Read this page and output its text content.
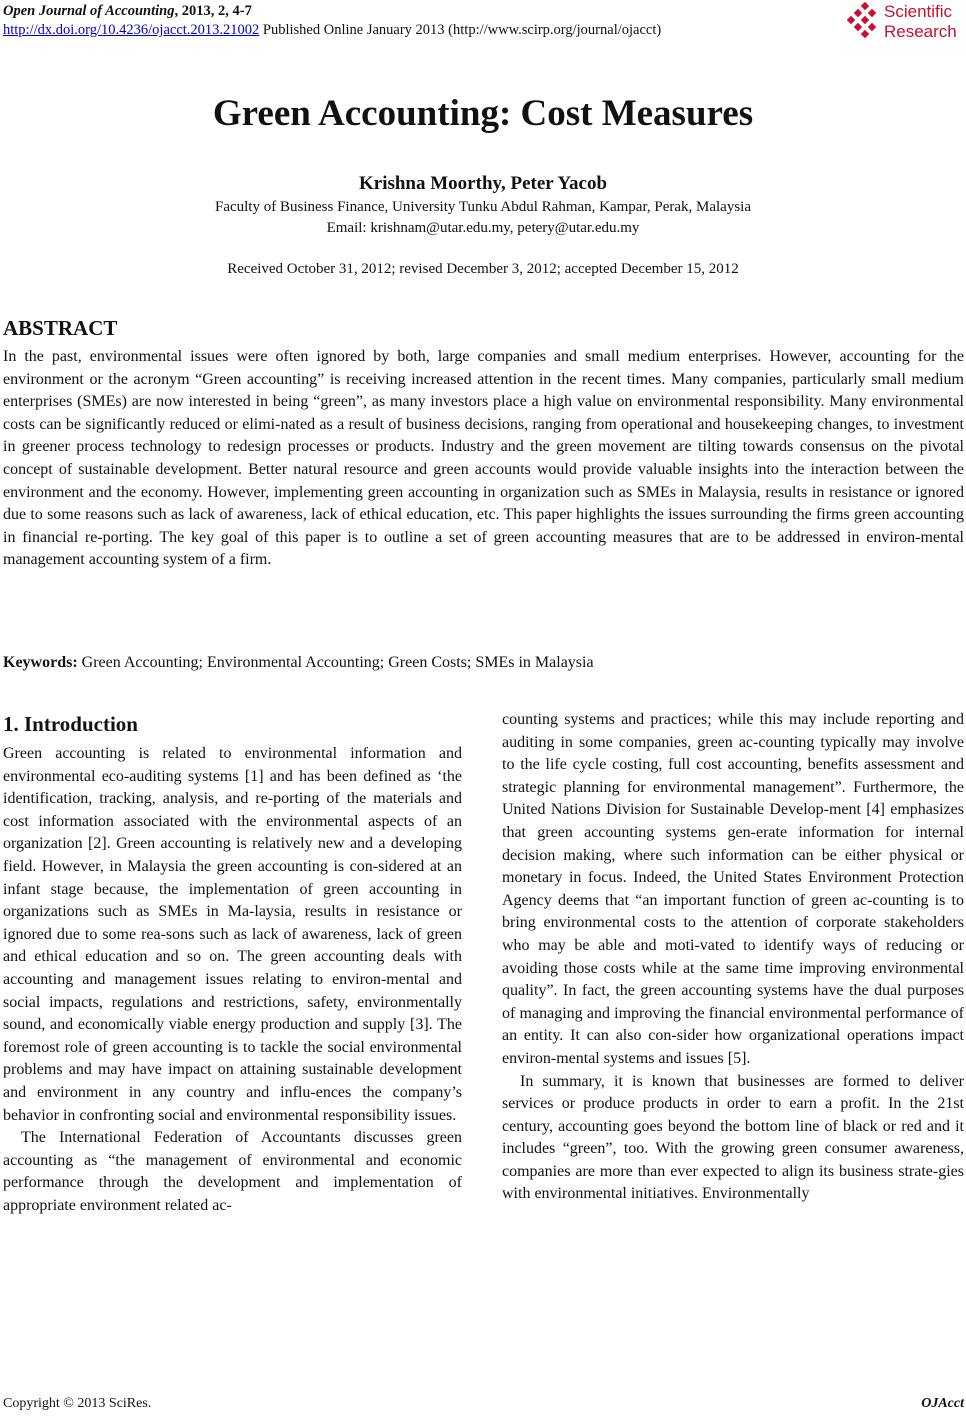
Open Journal of Accounting, 2013, 2, 4-7
http://dx.doi.org/10.4236/ojacct.2013.21002 Published Online January 2013 (http://www.scirp.org/journal/ojacct)
Scientific
Research
Green Accounting: Cost Measures
Krishna Moorthy, Peter Yacob
Faculty of Business Finance, University Tunku Abdul Rahman, Kampar, Perak, Malaysia
Email: krishnam@utar.edu.my, petery@utar.edu.my
Received October 31, 2012; revised December 3, 2012; accepted December 15, 2012
ABSTRACT

In the past, environmental issues were often ignored by both, large companies and small medium enterprises. However, accounting for the environment or the acronym “Green accounting” is receiving increased attention in the recent times. Many companies, particularly small medium enterprises (SMEs) are now interested in being “green”, as many investors place a high value on environmental responsibility. Many environmental costs can be significantly reduced or elimi-nated as a result of business decisions, ranging from operational and housekeeping changes, to investment in greener process technology to redesign processes or products. Industry and the green movement are tilting towards consensus on the pivotal concept of sustainable development. Better natural resource and green accounts would provide valuable insights into the interaction between the environment and the economy. However, implementing green accounting in organization such as SMEs in Malaysia, results in resistance or ignored due to some reasons such as lack of awareness, lack of ethical education, etc. This paper highlights the issues surrounding the firms green accounting in financial re-porting. The key goal of this paper is to outline a set of green accounting measures that are to be addressed in environ-mental management accounting system of a firm.

Keywords: Green Accounting; Environmental Accounting; Green Costs; SMEs in Malaysia

1. Introduction

Green accounting is related to environmental information and environmental eco-auditing systems [1] and has been defined as ‘the identification, tracking, analysis, and re-porting of the materials and cost information associated with the environmental aspects of an organization [2]. Green accounting is relatively new and a developing field. However, in Malaysia the green accounting is con-sidered at an infant stage because, the implementation of green accounting in organizations such as SMEs in Ma-laysia, results in resistance or ignored due to some rea-sons such as lack of awareness, lack of green and ethical education and so on. The green accounting deals with accounting and management issues relating to environ-mental and social impacts, regulations and restrictions, safety, environmentally sound, and economically viable energy production and supply [3]. The foremost role of green accounting is to tackle the social environmental problems and may have impact on attaining sustainable development and environment in any country and influ-ences the company’s behavior in confronting social and environmental responsibility issues.

The International Federation of Accountants discusses green accounting as “the management of environmental and economic performance through the development and implementation of appropriate environment related ac-

counting systems and practices; while this may include reporting and auditing in some companies, green ac-counting typically may involve to the life cycle costing, full cost accounting, benefits assessment and strategic planning for environmental management”. Furthermore, the United Nations Division for Sustainable Develop-ment [4] emphasizes that green accounting systems gen-erate information for internal decision making, where such information can be either physical or monetary in focus. Indeed, the United States Environment Protection Agency deems that “an important function of green ac-counting is to bring environmental costs to the attention of corporate stakeholders who may be able and moti-vated to identify ways of reducing or avoiding those costs while at the same time improving environmental quality”. In fact, the green accounting systems have the dual purposes of managing and improving the financial environmental performance of an entity. It can also con-sider how organizational operations impact environ-mental systems and issues [5].

In summary, it is known that businesses are formed to deliver services or produce products in order to earn a profit. In the 21st century, accounting goes beyond the bottom line of black or red and it includes “green”, too. With the growing green consumer awareness, companies are more than ever expected to align its business strate-gies with environmental initiatives. Environmentally

Copyright © 2013 SciRes.	OJAcct
